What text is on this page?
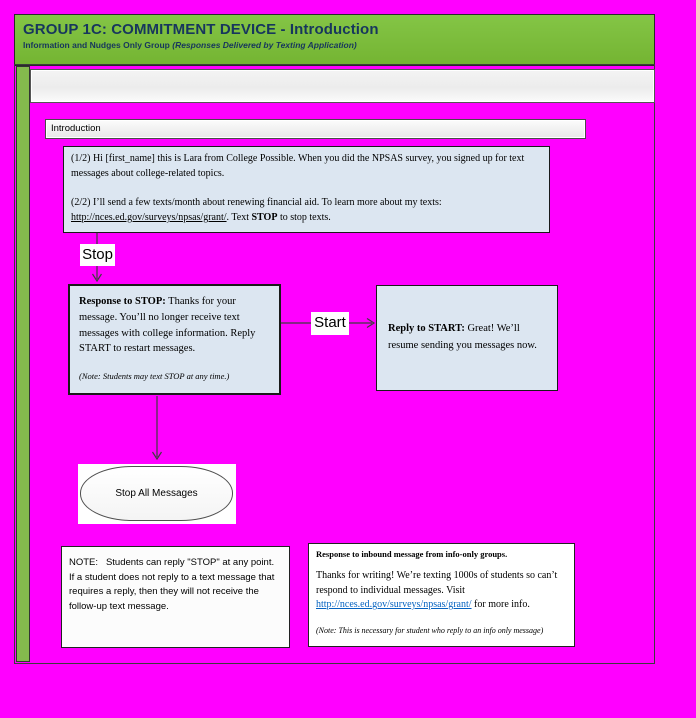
GROUP 1C: COMMITMENT DEVICE - Introduction
Information and Nudges Only Group (Responses Delivered by Texting Application)
Introduction
(1/2) Hi [first_name] this is Lara from College Possible. When you did the NPSAS survey, you signed up for text messages about college-related topics.
(2/2) I’ll send a few texts/month about renewing financial aid. To learn more about my texts: http://nces.ed.gov/surveys/npsas/grant/. Text STOP to stop texts.
Stop
Start
Response to STOP: Thanks for your message. You’ll no longer receive text messages with college information. Reply START to restart messages.
(Note: Students may text STOP at any time.)
Reply to START: Great! We’ll resume sending you messages now.
Stop All Messages
NOTE:   Students can reply "STOP" at any point. If a student does not reply to a text message that requires a reply, then they will not receive the follow-up text message.
Response to inbound message from info-only groups.
Thanks for writing! We’re texting 1000s of students so can’t respond to individual messages. Visit http://nces.ed.gov/surveys/npsas/grant/ for more info.
(Note: This is necessary for student who reply to an info only message)
